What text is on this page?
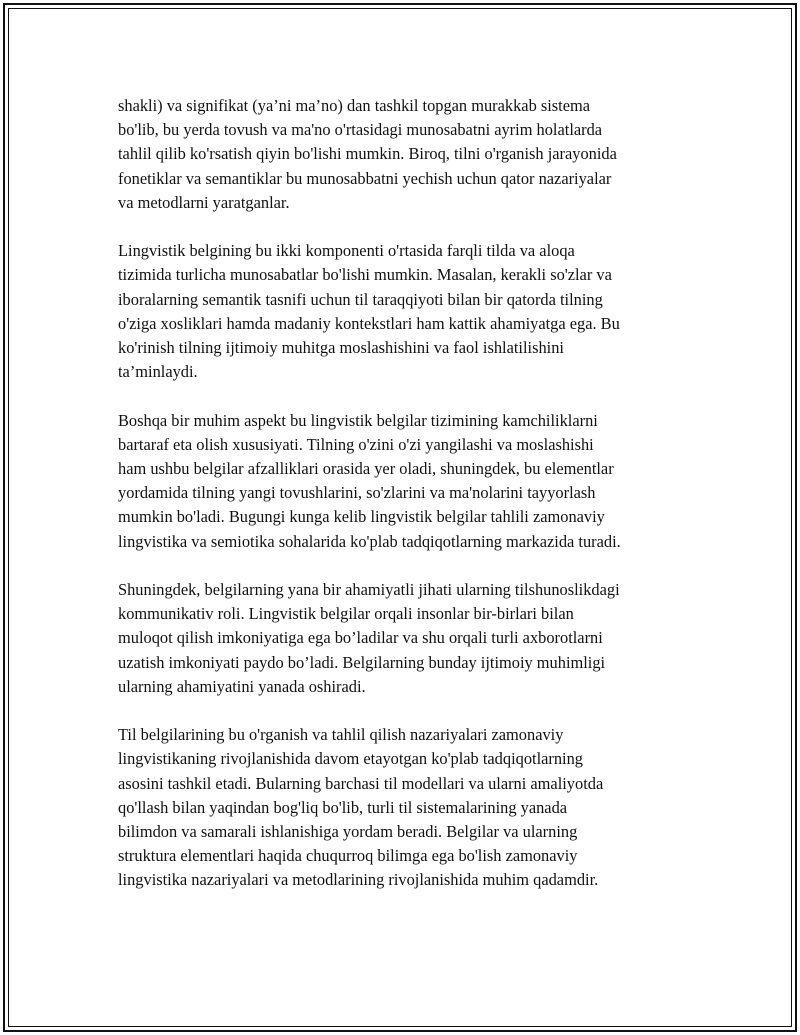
shakli) va signifikat (ya’ni ma’no) dan tashkil topgan murakkab sistema
bo'lib, bu yerda tovush va ma'no o'rtasidagi munosabatni ayrim holatlarda
tahlil qilib ko'rsatish qiyin bo'lishi mumkin. Biroq, tilni o'rganish jarayonida
fonetiklar va semantiklar bu munosabbatni yechish uchun qator nazariyalar
va metodlarni yaratganlar.

Lingvistik belgining bu ikki komponenti o'rtasida farqli tilda va aloqa
tizimida turlicha munosabatlar bo'lishi mumkin. Masalan, kerakli so'zlar va
iboralarning semantik tasnifi uchun til taraqqiyoti bilan bir qatorda tilning
o'ziga xosliklari hamda madaniy kontekstlari ham kattik ahamiyatga ega. Bu
ko'rinish tilning ijtimoiy muhitga moslashishini va faol ishlatilishini
ta’minlaydi.

Boshqa bir muhim aspekt bu lingvistik belgilar tizimining kamchiliklarni
bartaraf eta olish xususiyati. Tilning o'zini o'zi yangilashi va moslashishi
ham ushbu belgilar afzalliklari orasida yer oladi, shuningdek, bu elementlar
yordamida tilning yangi tovushlarini, so'zlarini va ma'nolarini tayyorlash
mumkin bo'ladi. Bugungi kunga kelib lingvistik belgilar tahlili zamonaviy
lingvistika va semiotika sohalarida ko'plab tadqiqotlarning markazida turadi.

Shuningdek, belgilarning yana bir ahamiyatli jihati ularning tilshunoslikdagi
kommunikativ roli. Lingvistik belgilar orqali insonlar bir-birlari bilan
muloqot qilish imkoniyatiga ega bo’ladilar va shu orqali turli axborotlarni
uzatish imkoniyati paydo bo’ladi. Belgilarning bunday ijtimoiy muhimligi
ularning ahamiyatini yanada oshiradi.

Til belgilarining bu o'rganish va tahlil qilish nazariyalari zamonaviy
lingvistikaning rivojlanishida davom etayotgan ko'plab tadqiqotlarning
asosini tashkil etadi. Bularning barchasi til modellari va ularni amaliyotda
qo'llash bilan yaqindan bog'liq bo'lib, turli til sistemalarining yanada
bilimdon va samarali ishlanishiga yordam beradi. Belgilar va ularning
struktura elementlari haqida chuqurroq bilimga ega bo'lish zamonaviy
lingvistika nazariyalari va metodlarining rivojlanishida muhim qadamdir.
